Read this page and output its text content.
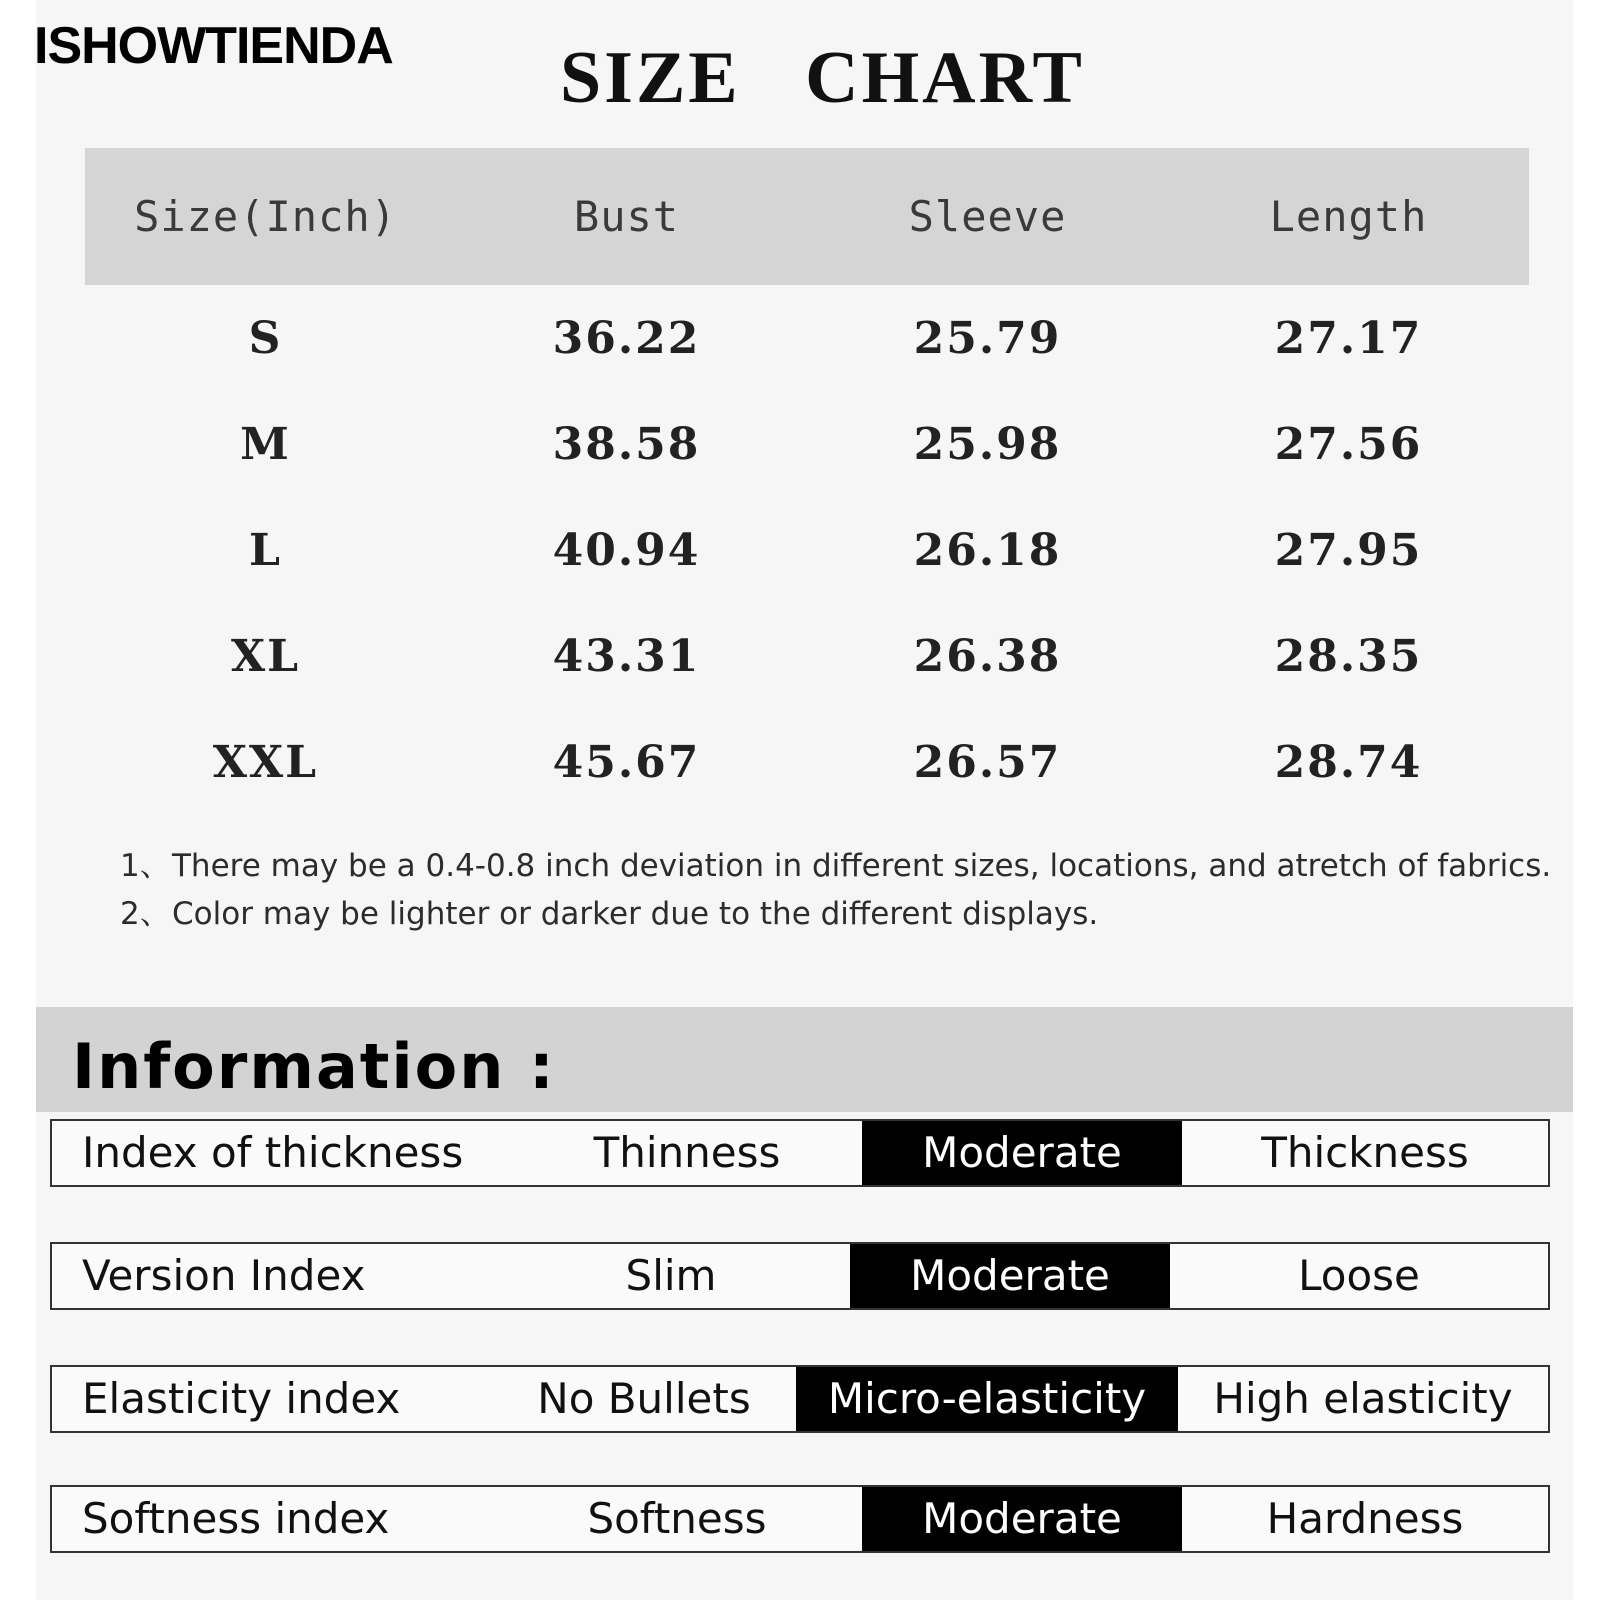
ISHOWTIENDA SIZE   CHART
Size(Inch)	Bust	Sleeve	Length
S	36.22	25.79	27.17
M	38.58	25.98	27.56
L	40.94	26.18	27.95
XL	43.31	26.38	28.35
XXL	45.67	26.57	28.74
1、There may be a 0.4-0.8 inch deviation in different sizes, locations, and atretch of fabrics.
2、Color may be lighter or darker due to the different displays.
Information :
Index of thickness	Thinness	Moderate	Thickness
Version Index	Slim	Moderate	Loose
Elasticity index	No Bullets	Micro-elasticity	High elasticity
Softness index	Softness	Moderate	Hardness
